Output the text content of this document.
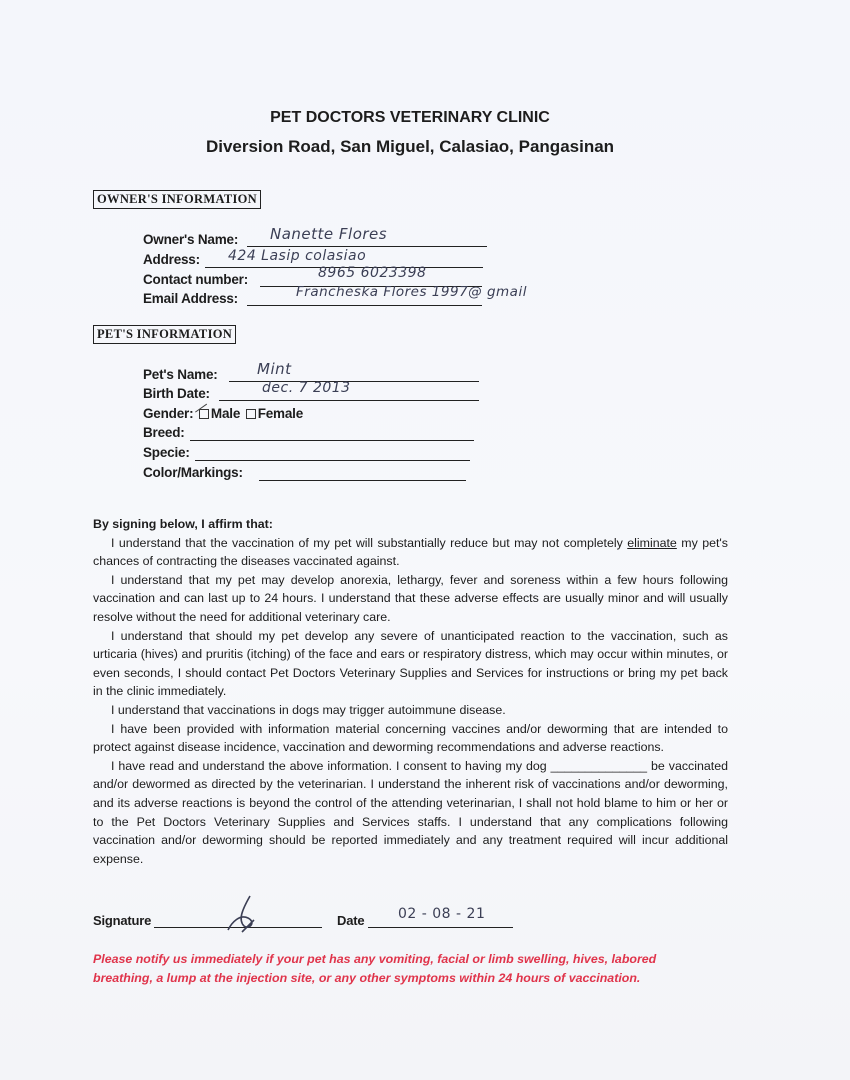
PET DOCTORS VETERINARY CLINIC
Diversion Road, San Miguel, Calasiao, Pangasinan
OWNER'S INFORMATION
Owner's Name: Nanette Flores
Address: 424 Lasip colasiao
Contact number:	8965 6023398
Email Address:	Francheska Flores 1997@ gmail
PET'S INFORMATION
Pet's Name:	Mint
Birth Date:	dec. 7 2013
Gender: Male Female
Breed:
Specie:
Color/Markings:
By signing below, I affirm that:
I understand that the vaccination of my pet will substantially reduce but may not completely eliminate my pet's chances of contracting the diseases vaccinated against.
I understand that my pet may develop anorexia, lethargy, fever and soreness within a few hours following vaccination and can last up to 24 hours. I understand that these adverse effects are usually minor and will usually resolve without the need for additional veterinary care.
I understand that should my pet develop any severe of unanticipated reaction to the vaccination, such as urticaria (hives) and pruritis (itching) of the face and ears or respiratory distress, which may occur within minutes, or even seconds, I should contact Pet Doctors Veterinary Supplies and Services for instructions or bring my pet back in the clinic immediately.
I understand that vaccinations in dogs may trigger autoimmune disease.
I have been provided with information material concerning vaccines and/or deworming that are intended to protect against disease incidence, vaccination and deworming recommendations and adverse reactions.
I have read and understand the above information. I consent to having my dog ______________ be vaccinated and/or dewormed as directed by the veterinarian. I understand the inherent risk of vaccinations and/or deworming, and its adverse reactions is beyond the control of the attending veterinarian, I shall not hold blame to him or her or to the Pet Doctors Veterinary Supplies and Services staffs. I understand that any complications following vaccination and/or deworming should be reported immediately and any treatment required will incur additional expense.
Signature	Date 02 - 08 - 21
Please notify us immediately if your pet has any vomiting, facial or limb swelling, hives, labored breathing, a lump at the injection site, or any other symptoms within 24 hours of vaccination.
